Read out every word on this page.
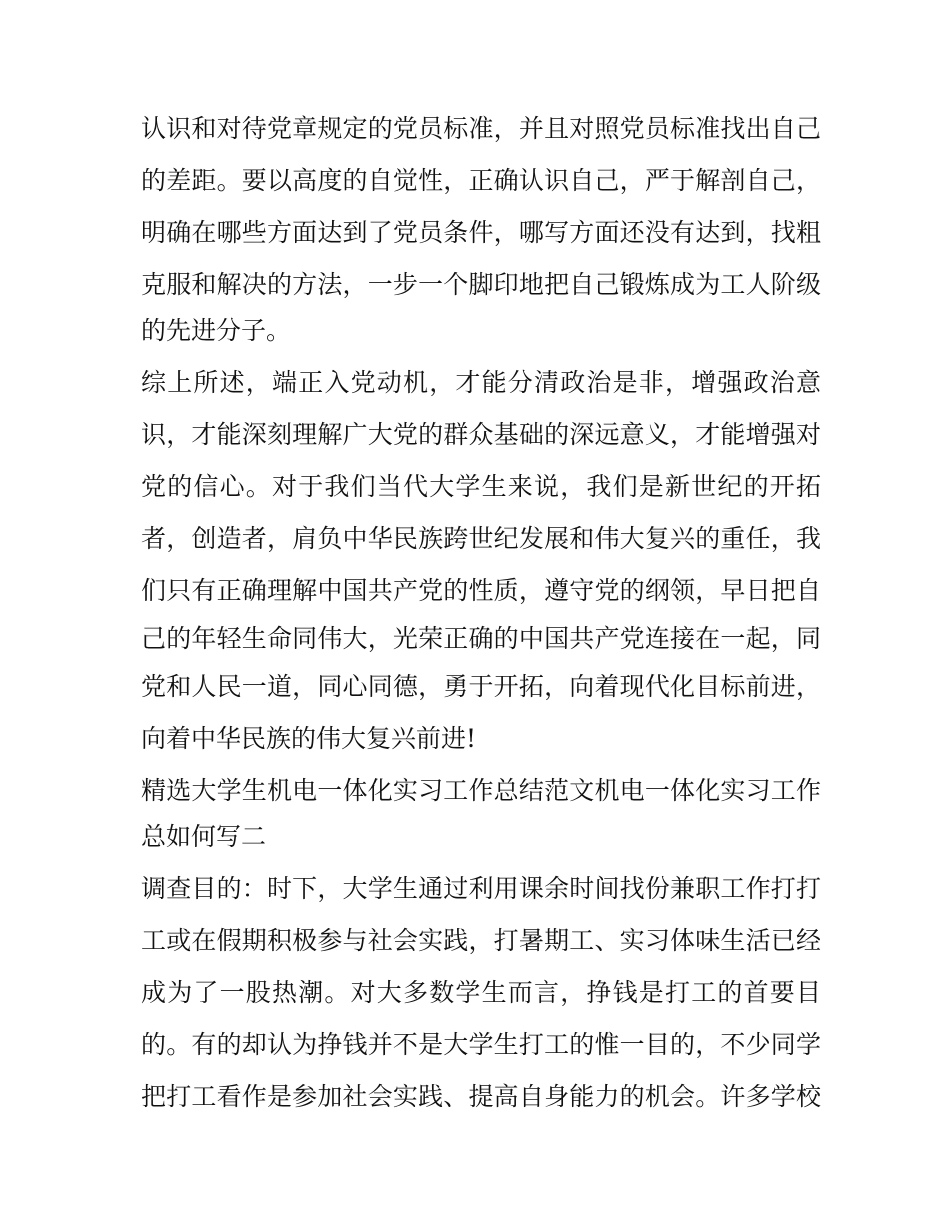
认识和对待党章规定的党员标准，并且对照党员标准找出自己
的差距。要以高度的自觉性，正确认识自己，严于解剖自己，
明确在哪些方面达到了党员条件，哪写方面还没有达到，找粗
克服和解决的方法，一步一个脚印地把自己锻炼成为工人阶级
的先进分子。
综上所述，端正入党动机，才能分清政治是非，增强政治意
识，才能深刻理解广大党的群众基础的深远意义，才能增强对
党的信心。对于我们当代大学生来说，我们是新世纪的开拓
者，创造者，肩负中华民族跨世纪发展和伟大复兴的重任，我
们只有正确理解中国共产党的性质，遵守党的纲领，早日把自
己的年轻生命同伟大，光荣正确的中国共产党连接在一起，同
党和人民一道，同心同德，勇于开拓，向着现代化目标前进，
向着中华民族的伟大复兴前进!
精选大学生机电一体化实习工作总结范文机电一体化实习工作
总如何写二
调查目的：时下，大学生通过利用课余时间找份兼职工作打打
工或在假期积极参与社会实践，打暑期工、实习体味生活已经
成为了一股热潮。对大多数学生而言，挣钱是打工的首要目
的。有的却认为挣钱并不是大学生打工的惟一目的，不少同学
把打工看作是参加社会实践、提高自身能力的机会。许多学校
